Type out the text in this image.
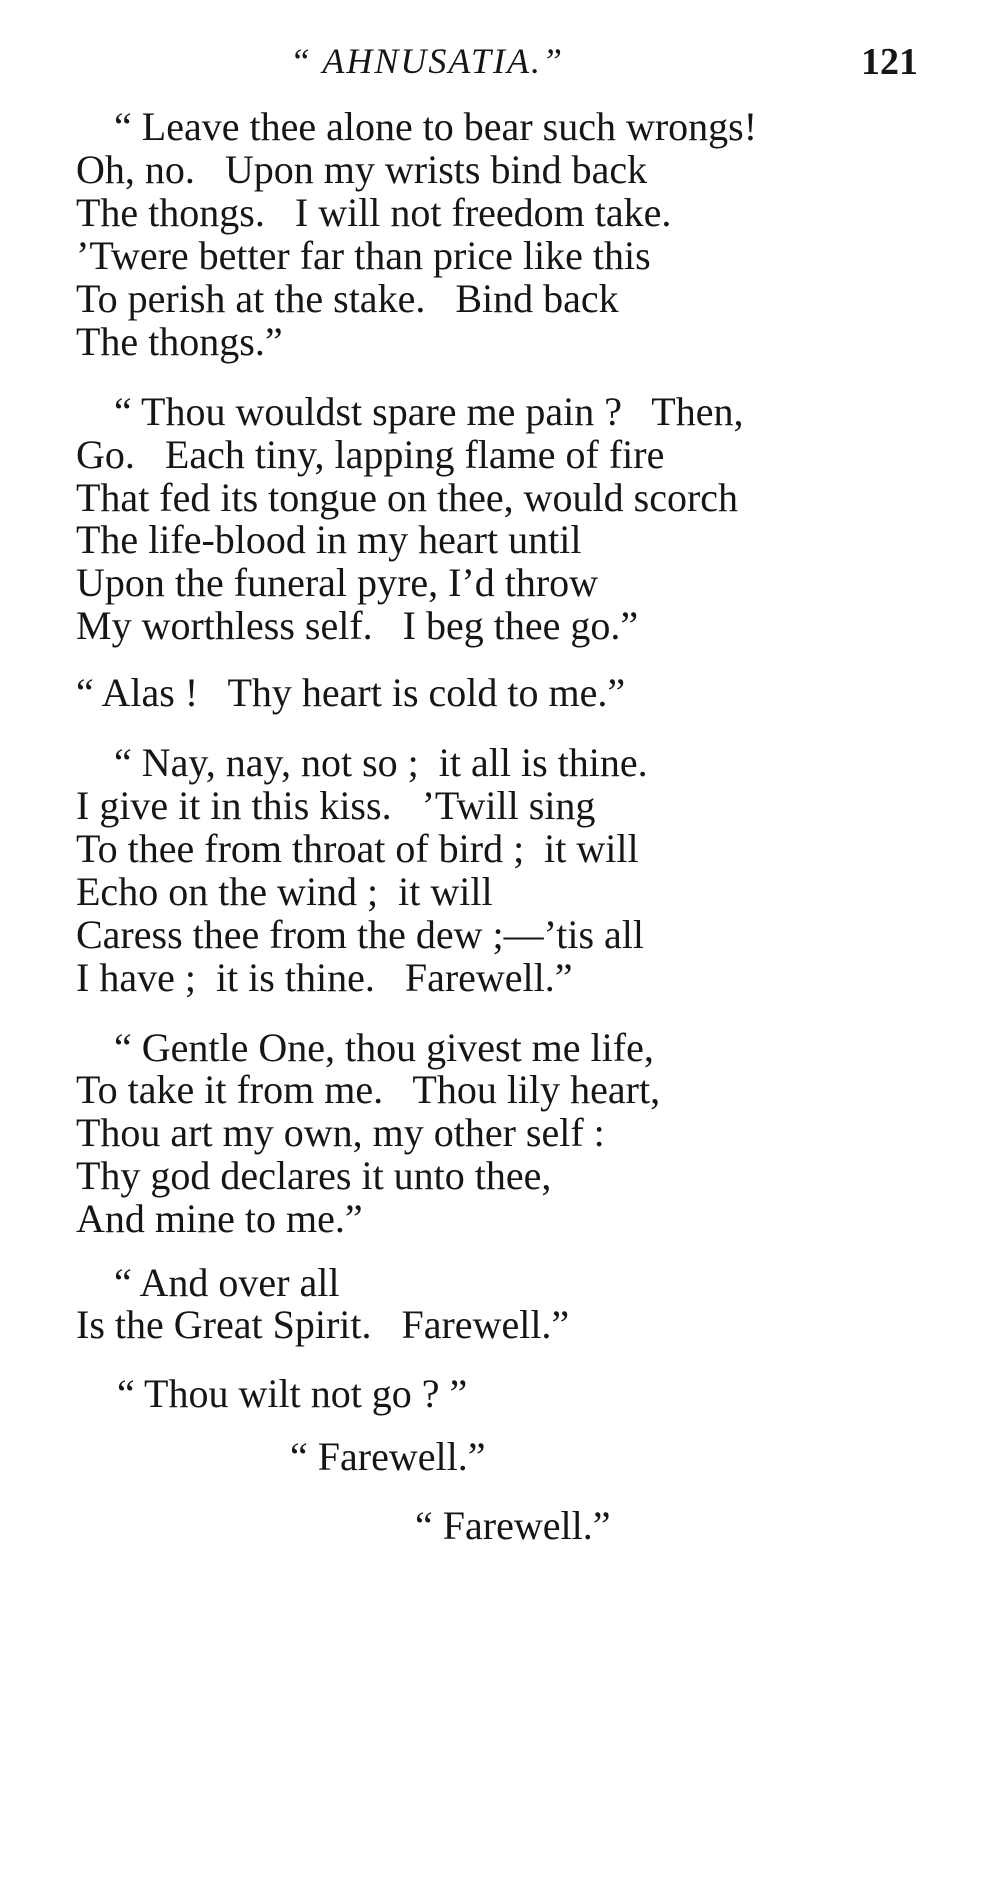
“ AHNUSATIA.”	121
“ Leave thee alone to bear such wrongs!
Oh, no.   Upon my wrists bind back
The thongs.   I will not freedom take.
’Twere better far than price like this
To perish at the stake.   Bind back
The thongs.”
“ Thou wouldst spare me pain ?   Then,
Go.   Each tiny, lapping flame of fire
That fed its tongue on thee, would scorch
The life-blood in my heart until
Upon the funeral pyre, I’d throw
My worthless self.   I beg thee go.”
“ Alas !   Thy heart is cold to me.”
“ Nay, nay, not so ;  it all is thine.
I give it in this kiss.   ’Twill sing
To thee from throat of bird ;  it will
Echo on the wind ;  it will
Caress thee from the dew ;—’tis all
I have ;  it is thine.   Farewell.”
“ Gentle One, thou givest me life,
To take it from me.   Thou lily heart,
Thou art my own, my other self :
Thy god declares it unto thee,
And mine to me.”
“ And over all
Is the Great Spirit.   Farewell.”
“ Thou wilt not go ? ”
“ Farewell.”
“ Farewell.”
